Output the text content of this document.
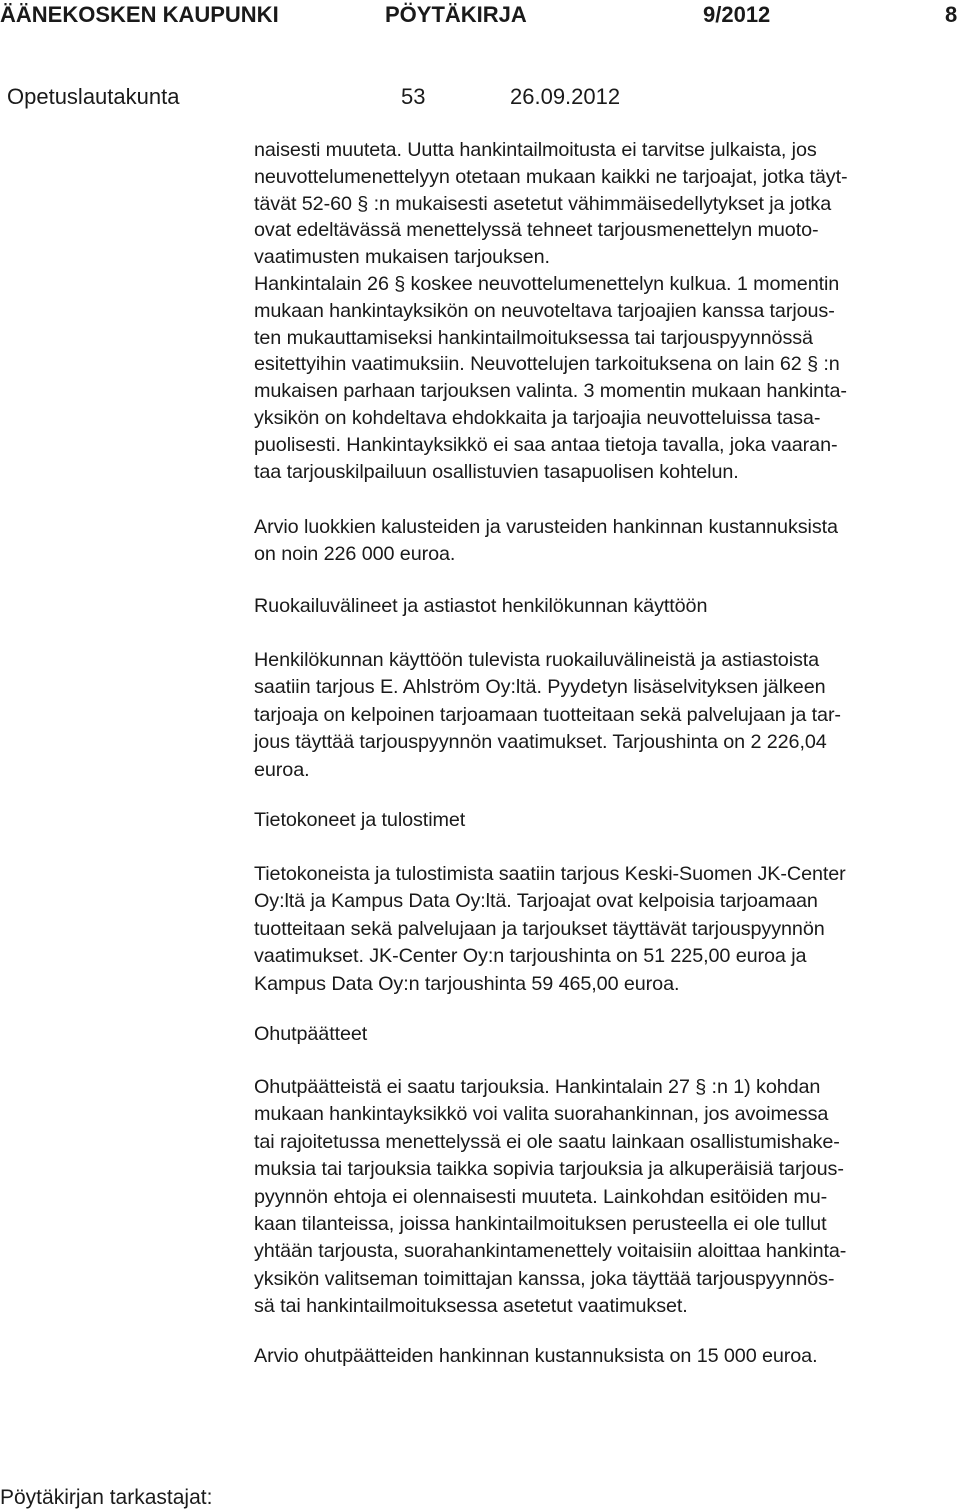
ÄÄNEKOSKEN KAUPUNKI	PÖYTÄKIRJA	9/2012	8
Opetuslautakunta	53	26.09.2012

naisesti muuteta. Uutta hankintailmoitusta ei tarvitse julkaista, jos

neuvottelumenettelyyn otetaan mukaan kaikki ne tarjoajat, jotka täyt-

tävät 52-60 § :n mukaisesti asetetut vähimmäisedellytykset ja jotka

ovat edeltävässä menettelyssä tehneet tarjousmenettelyn muoto-

vaatimusten mukaisen tarjouksen.

Hankintalain 26 § koskee neuvottelumenettelyn kulkua. 1 momentin

mukaan hankintayksikön on neuvoteltava tarjoajien kanssa tarjous-

ten mukauttamiseksi hankintailmoituksessa tai tarjouspyynnössä

esitettyihin vaatimuksiin. Neuvottelujen tarkoituksena on lain 62 § :n

mukaisen parhaan tarjouksen valinta. 3 momentin mukaan hankinta-

yksikön on kohdeltava ehdokkaita ja tarjoajia neuvotteluissa tasa-

puolisesti. Hankintayksikkö ei saa antaa tietoja tavalla, joka vaaran-

taa tarjouskilpailuun osallistuvien tasapuolisen kohtelun.

Arvio luokkien kalusteiden ja varusteiden hankinnan kustannuksista

on noin 226 000 euroa.

Ruokailuvälineet ja astiastot henkilökunnan käyttöön

Henkilökunnan käyttöön tulevista ruokailuvälineistä ja astiastoista

saatiin tarjous E. Ahlström Oy:ltä. Pyydetyn lisäselvityksen jälkeen

tarjoaja on kelpoinen tarjoamaan tuotteitaan sekä palvelujaan ja tar-

jous täyttää tarjouspyynnön vaatimukset. Tarjoushinta on 2 226,04

euroa.

Tietokoneet ja tulostimet

Tietokoneista ja tulostimista saatiin tarjous Keski-Suomen JK-Center

Oy:ltä ja Kampus Data Oy:ltä. Tarjoajat ovat kelpoisia tarjoamaan

tuotteitaan sekä palvelujaan ja tarjoukset täyttävät tarjouspyynnön

vaatimukset. JK-Center Oy:n tarjoushinta on 51 225,00 euroa ja

Kampus Data Oy:n tarjoushinta 59 465,00 euroa.

Ohutpäätteet

Ohutpäätteistä ei saatu tarjouksia. Hankintalain 27 § :n 1) kohdan

mukaan hankintayksikkö voi valita suorahankinnan, jos avoimessa

tai rajoitetussa menettelyssä ei ole saatu lainkaan osallistumishake-

muksia tai tarjouksia taikka sopivia tarjouksia ja alkuperäisiä tarjous-

pyynnön ehtoja ei olennaisesti muuteta. Lainkohdan esitöiden mu-

kaan tilanteissa, joissa hankintailmoituksen perusteella ei ole tullut

yhtään tarjousta, suorahankintamenettely voitaisiin aloittaa hankinta-

yksikön valitseman toimittajan kanssa, joka täyttää tarjouspyynnös-

sä tai hankintailmoituksessa asetetut vaatimukset.

Arvio ohutpäätteiden hankinnan kustannuksista on 15 000 euroa.

Pöytäkirjan tarkastajat:
